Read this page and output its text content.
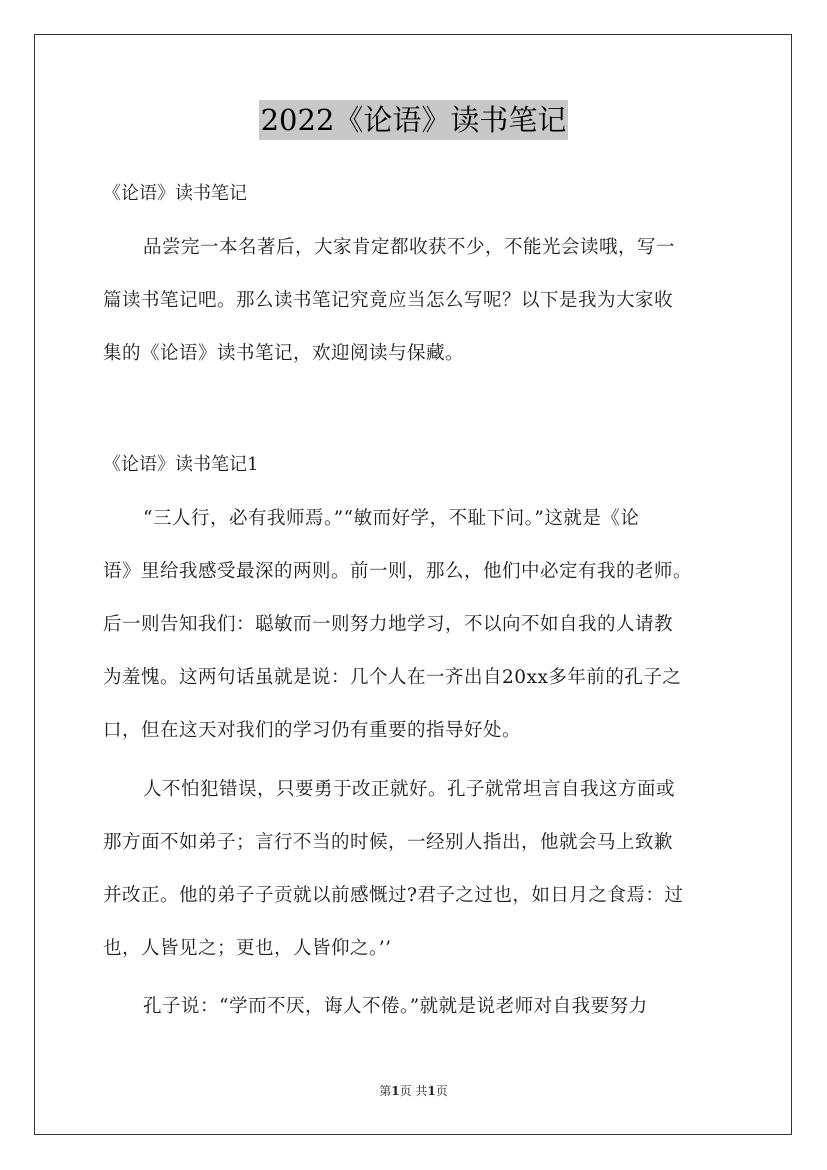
2022《论语》读书笔记
《论语》读书笔记
品尝完一本名著后，大家肯定都收获不少，不能光会读哦，写一
篇读书笔记吧。那么读书笔记究竟应当怎么写呢？以下是我为大家收
集的《论语》读书笔记，欢迎阅读与保藏。
《论语》读书笔记1
“三人行，必有我师焉。”“敏而好学，不耻下问。”这就是《论
语》里给我感受最深的两则。前一则，那么，他们中必定有我的老师。
后一则告知我们：聪敏而一则努力地学习，不以向不如自我的人请教
为羞愧。这两句话虽就是说：几个人在一齐出自20xx多年前的孔子之
口，但在这天对我们的学习仍有重要的指导好处。
人不怕犯错误，只要勇于改正就好。孔子就常坦言自我这方面或
那方面不如弟子；言行不当的时候，一经别人指出，他就会马上致歉
并改正。他的弟子子贡就以前感慨过?君子之过也，如日月之食焉：过
也，人皆见之；更也，人皆仰之。’’
孔子说：“学而不厌，诲人不倦。”就就是说老师对自我要努力
第1页 共1页
